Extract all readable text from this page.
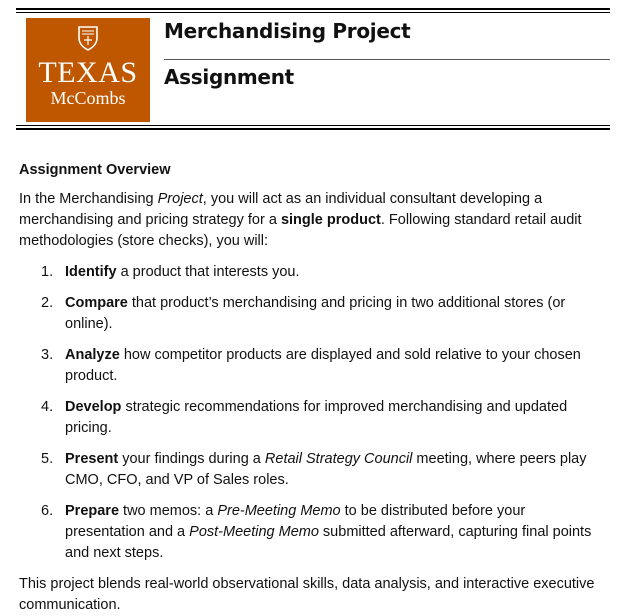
TEXAS
McCombs
Merchandising Project
Assignment
Assignment Overview

In the Merchandising Project, you will act as an individual consultant developing a merchandising and pricing strategy for a single product. Following standard retail audit methodologies (store checks), you will:

1. Identify a product that interests you.
2. Compare that product’s merchandising and pricing in two additional stores (or online).
3. Analyze how competitor products are displayed and sold relative to your chosen product.
4. Develop strategic recommendations for improved merchandising and updated pricing.
5. Present your findings during a Retail Strategy Council meeting, where peers play CMO, CFO, and VP of Sales roles.
6. Prepare two memos: a Pre-Meeting Memo to be distributed before your presentation and a Post-Meeting Memo submitted afterward, capturing final points and next steps.

This project blends real-world observational skills, data analysis, and interactive executive communication.
